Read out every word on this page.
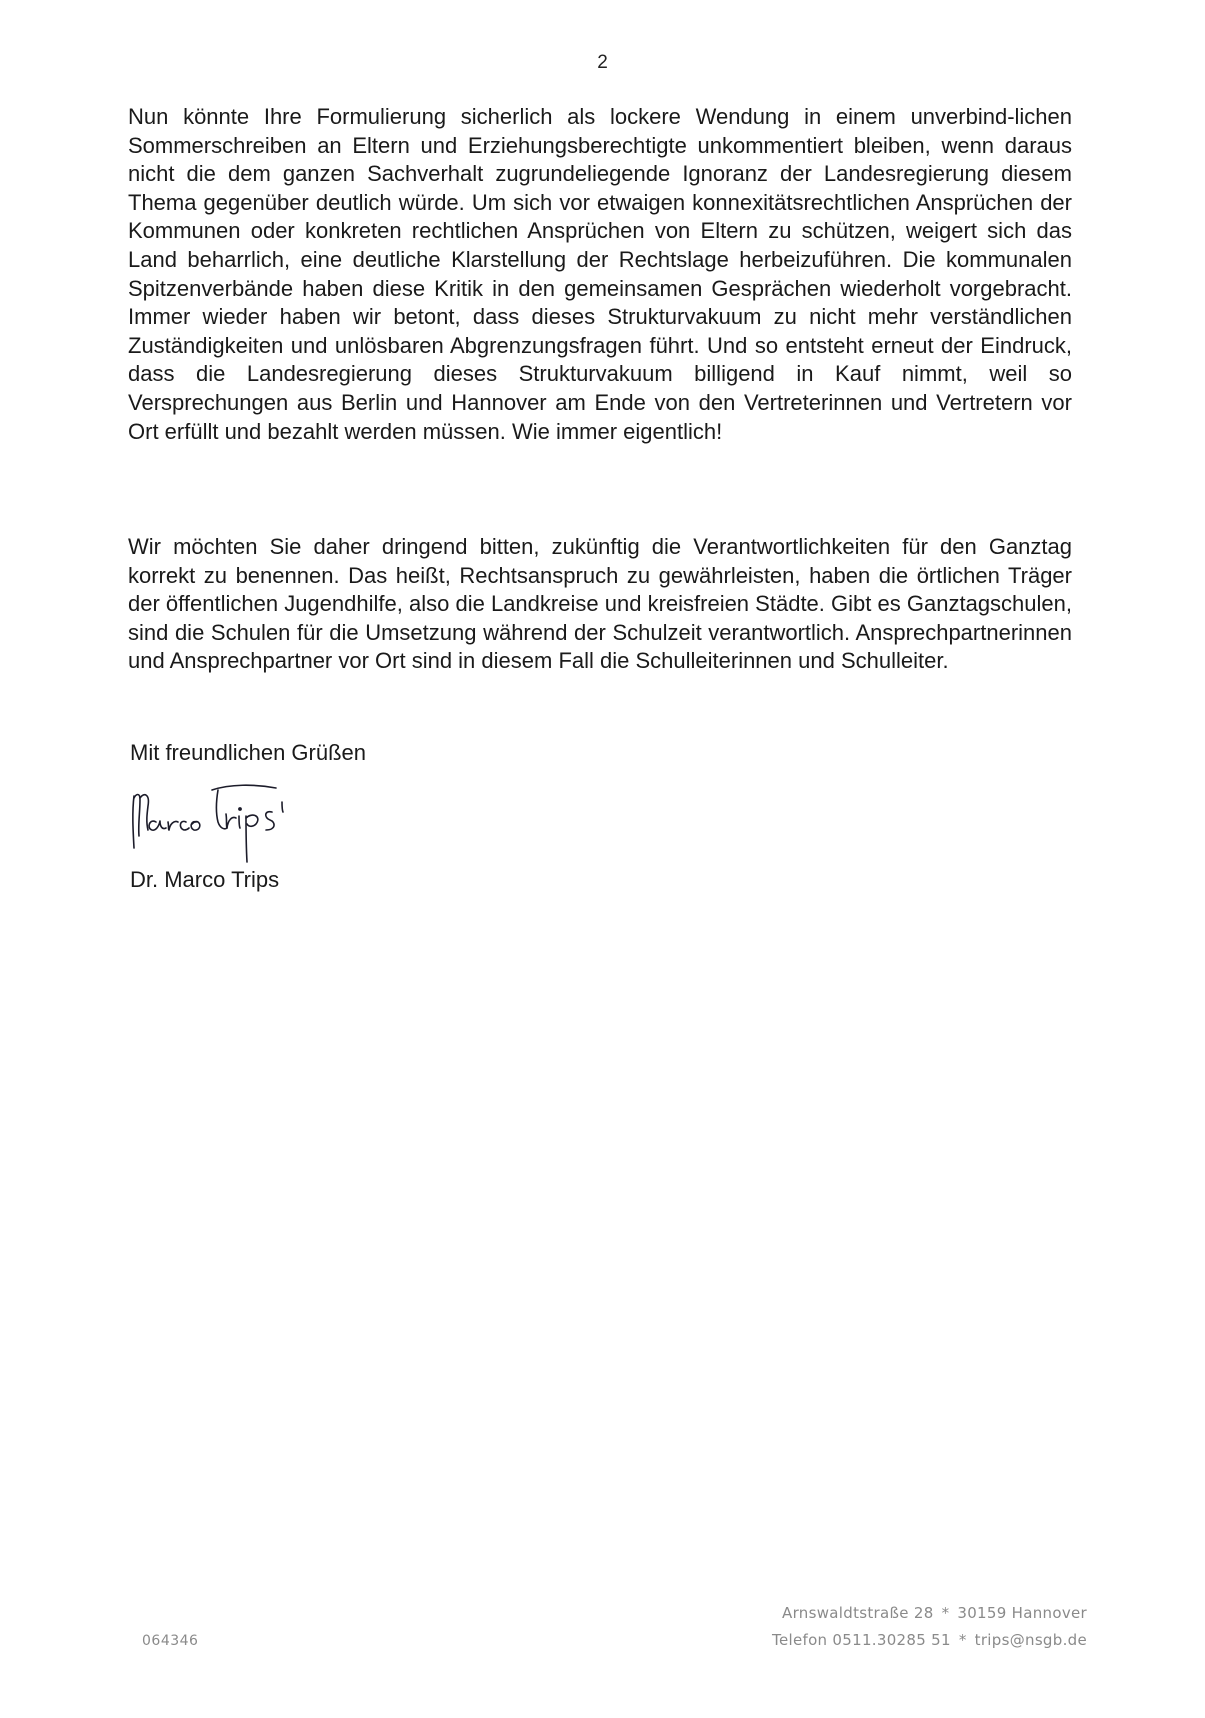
2

Nun könnte Ihre Formulierung sicherlich als lockere Wendung in einem unverbind-lichen Sommerschreiben an Eltern und Erziehungsberechtigte unkommentiert bleiben, wenn daraus nicht die dem ganzen Sachverhalt zugrundeliegende Ignoranz der Landesregierung diesem Thema gegenüber deutlich würde. Um sich vor etwaigen konnexitätsrechtlichen Ansprüchen der Kommunen oder konkreten rechtlichen Ansprüchen von Eltern zu schützen, weigert sich das Land beharrlich, eine deutliche Klarstellung der Rechtslage herbeizuführen. Die kommunalen Spitzenverbände haben diese Kritik in den gemeinsamen Gesprächen wiederholt vorgebracht. Immer wieder haben wir betont, dass dieses Strukturvakuum zu nicht mehr verständlichen Zuständigkeiten und unlösbaren Abgrenzungsfragen führt. Und so entsteht erneut der Eindruck, dass die Landesregierung dieses Strukturvakuum billigend in Kauf nimmt, weil so Versprechungen aus Berlin und Hannover am Ende von den Vertreterinnen und Vertretern vor Ort erfüllt und bezahlt werden müssen. Wie immer eigentlich!

Wir möchten Sie daher dringend bitten, zukünftig die Verantwortlichkeiten für den Ganztag korrekt zu benennen. Das heißt, Rechtsanspruch zu gewährleisten, haben die örtlichen Träger der öffentlichen Jugendhilfe, also die Landkreise und kreisfreien Städte. Gibt es Ganztagschulen, sind die Schulen für die Umsetzung während der Schulzeit verantwortlich. Ansprechpartnerinnen und Ansprechpartner vor Ort sind in diesem Fall die Schulleiterinnen und Schulleiter.

Mit freundlichen Grüßen

Dr. Marco Trips

064346
Arnswaldtstraße 28 * 30159 Hannover
Telefon 0511.30285 51 * trips@nsgb.de
